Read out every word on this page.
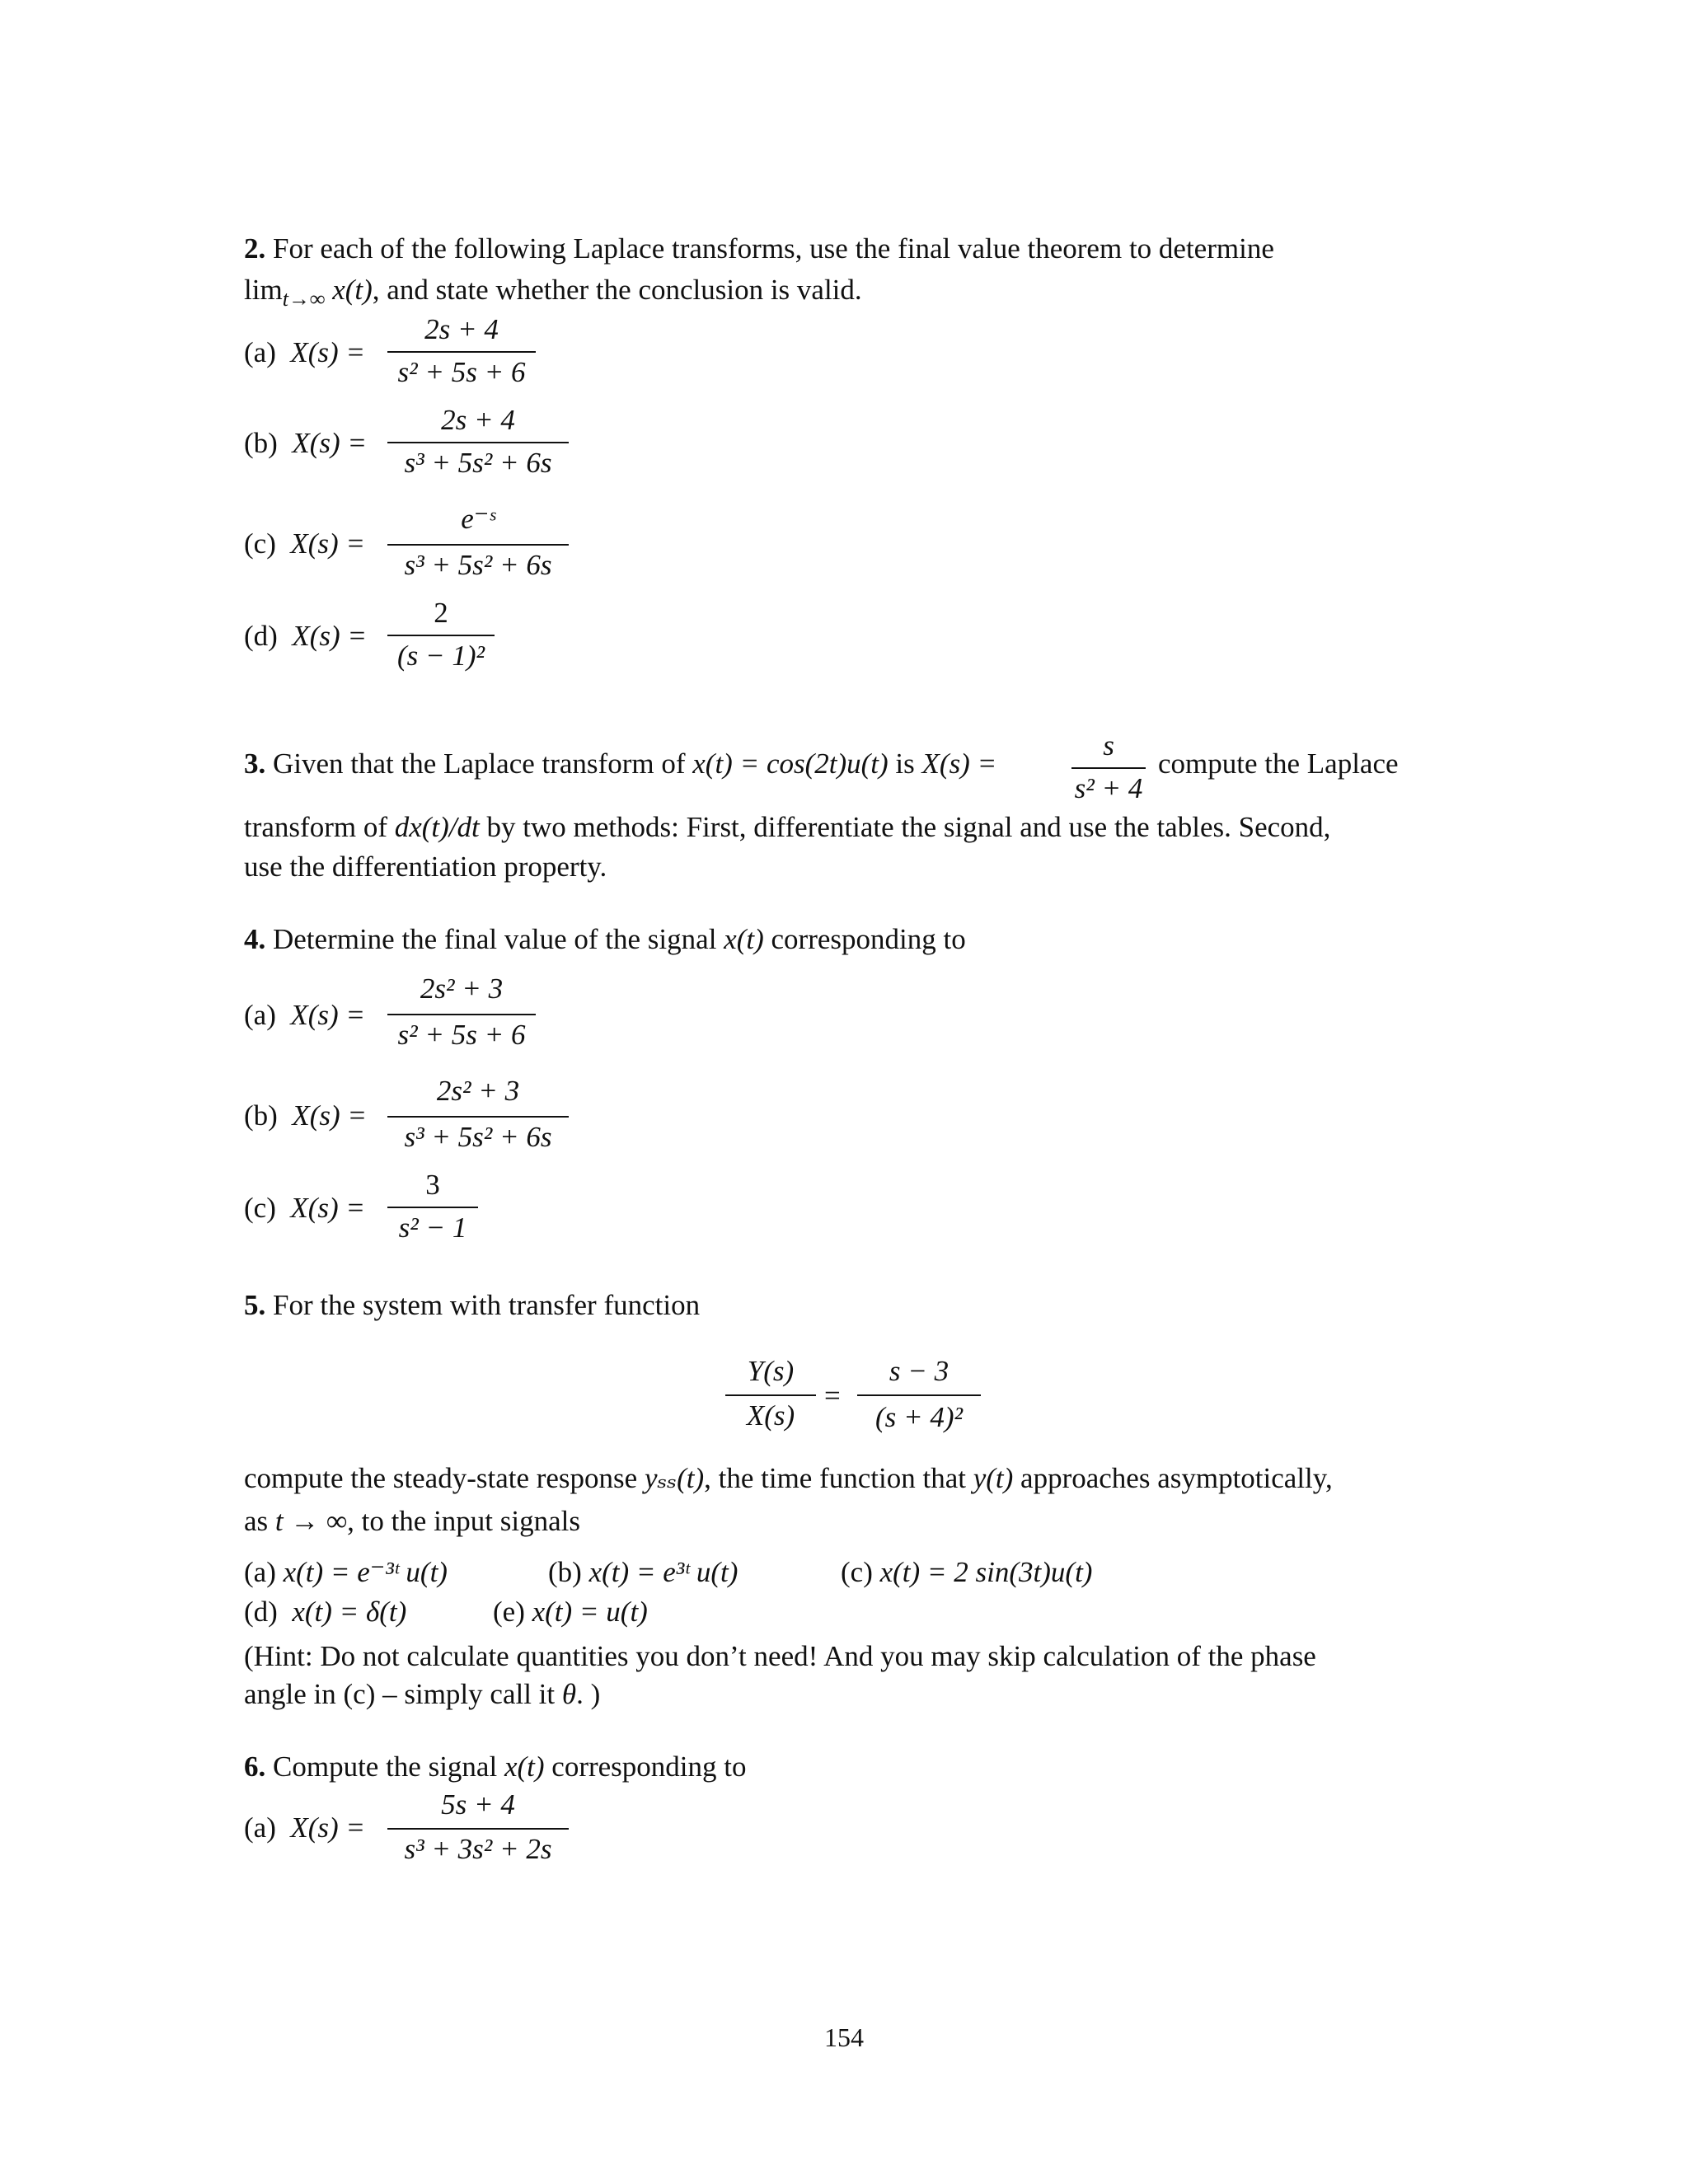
2. For each of the following Laplace transforms, use the final value theorem to determine
$\lim_{t\to\infty} x(t)$, and state whether the conclusion is valid.
(a) X(s) =
2s + 4
s² + 5s + 6
(b) X(s) =
2s + 4
s³ + 5s² + 6s
(c) X(s) =
e⁻ˢ
s³ + 5s² + 6s
(d) X(s) =
2
(s − 1)²
3. Given that the Laplace transform of x(t) = cos(2t)u(t) is X(s) =
s
s² + 4
compute the Laplace
transform of dx(t)/dt by two methods: First, differentiate the signal and use the tables. Second,
use the differentiation property.
4. Determine the final value of the signal x(t) corresponding to
(a) X(s) =
2s² + 3
s² + 5s + 6
(b) X(s) =
2s² + 3
s³ + 5s² + 6s
(c) X(s) =
3
s² − 1
5. For the system with transfer function
Y(s)
X(s)
=
s − 3
(s + 4)²
compute the steady-state response yₛₛ(t), the time function that y(t) approaches asymptotically,
as t → ∞, to the input signals
(a) x(t) = e⁻³ᵗ u(t)	(b) x(t) = e³ᵗ u(t)	(c) x(t) = 2 sin(3t)u(t)
(d) x(t) = δ(t)	(e) x(t) = u(t)
(Hint: Do not calculate quantities you don’t need! And you may skip calculation of the phase
angle in (c) – simply call it θ. )
6. Compute the signal x(t) corresponding to
(a) X(s) =
5s + 4
s³ + 3s² + 2s
154
